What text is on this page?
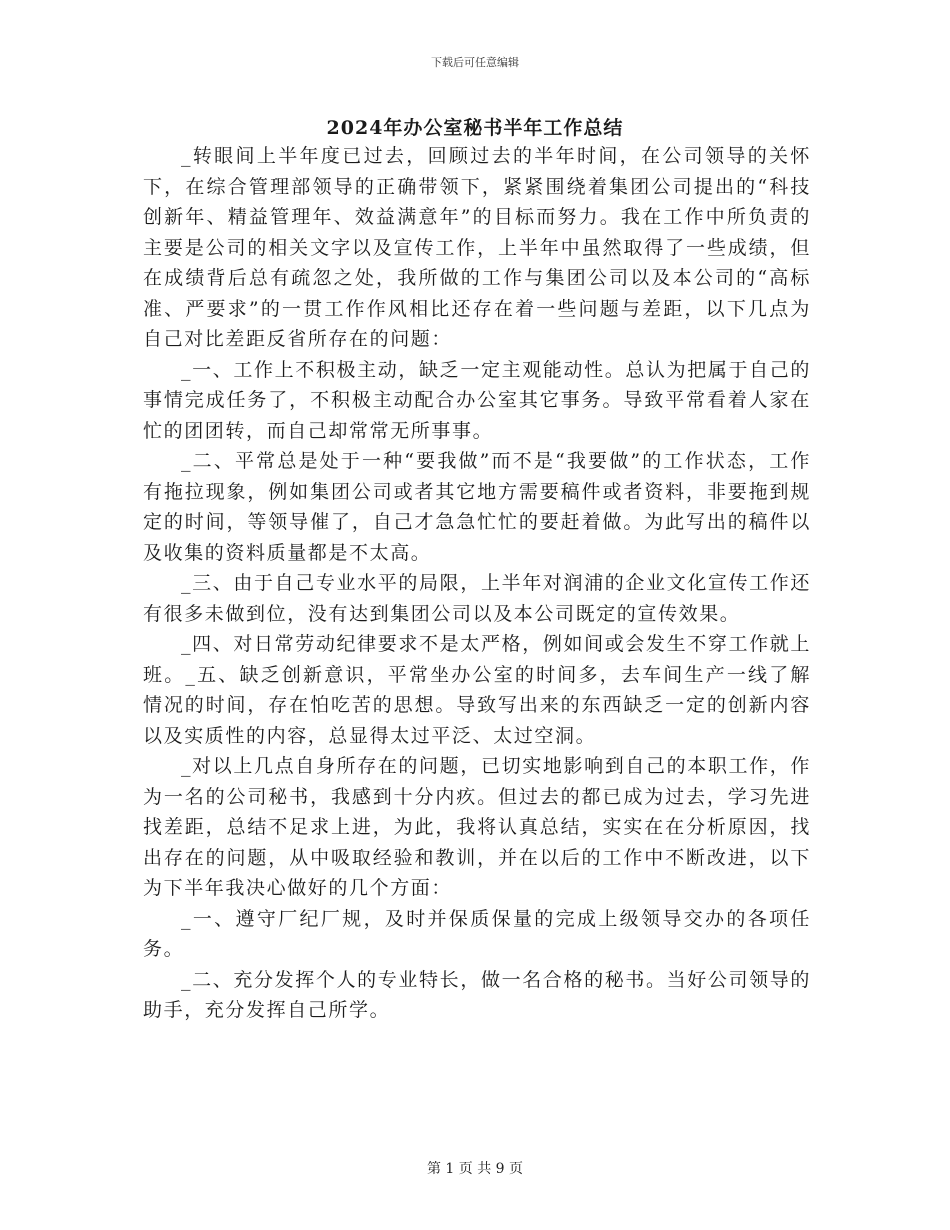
下载后可任意编辑
2024年办公室秘书半年工作总结

_转眼间上半年度已过去，回顾过去的半年时间，在公司领导的关怀下，在综合管理部领导的正确带领下，紧紧围绕着集团公司提出的“科技创新年、精益管理年、效益满意年”的目标而努力。我在工作中所负责的主要是公司的相关文字以及宣传工作，上半年中虽然取得了一些成绩，但在成绩背后总有疏忽之处，我所做的工作与集团公司以及本公司的“高标准、严要求”的一贯工作作风相比还存在着一些问题与差距，以下几点为自己对比差距反省所存在的问题：

_一、工作上不积极主动，缺乏一定主观能动性。总认为把属于自己的事情完成任务了，不积极主动配合办公室其它事务。导致平常看着人家在忙的团团转，而自己却常常无所事事。

_二、平常总是处于一种“要我做”而不是“我要做”的工作状态，工作有拖拉现象，例如集团公司或者其它地方需要稿件或者资料，非要拖到规定的时间，等领导催了，自己才急急忙忙的要赶着做。为此写出的稿件以及收集的资料质量都是不太高。

_三、由于自己专业水平的局限，上半年对润浦的企业文化宣传工作还有很多未做到位，没有达到集团公司以及本公司既定的宣传效果。

_四、对日常劳动纪律要求不是太严格，例如间或会发生不穿工作就上班。_五、缺乏创新意识，平常坐办公室的时间多，去车间生产一线了解情况的时间，存在怕吃苦的思想。导致写出来的东西缺乏一定的创新内容以及实质性的内容，总显得太过平泛、太过空洞。

_对以上几点自身所存在的问题，已切实地影响到自己的本职工作，作为一名的公司秘书，我感到十分内疚。但过去的都已成为过去，学习先进找差距，总结不足求上进，为此，我将认真总结，实实在在分析原因，找出存在的问题，从中吸取经验和教训，并在以后的工作中不断改进，以下为下半年我决心做好的几个方面：

_一、遵守厂纪厂规，及时并保质保量的完成上级领导交办的各项任务。

_二、充分发挥个人的专业特长，做一名合格的秘书。当好公司领导的助手，充分发挥自己所学。

第 1 页 共 9 页
